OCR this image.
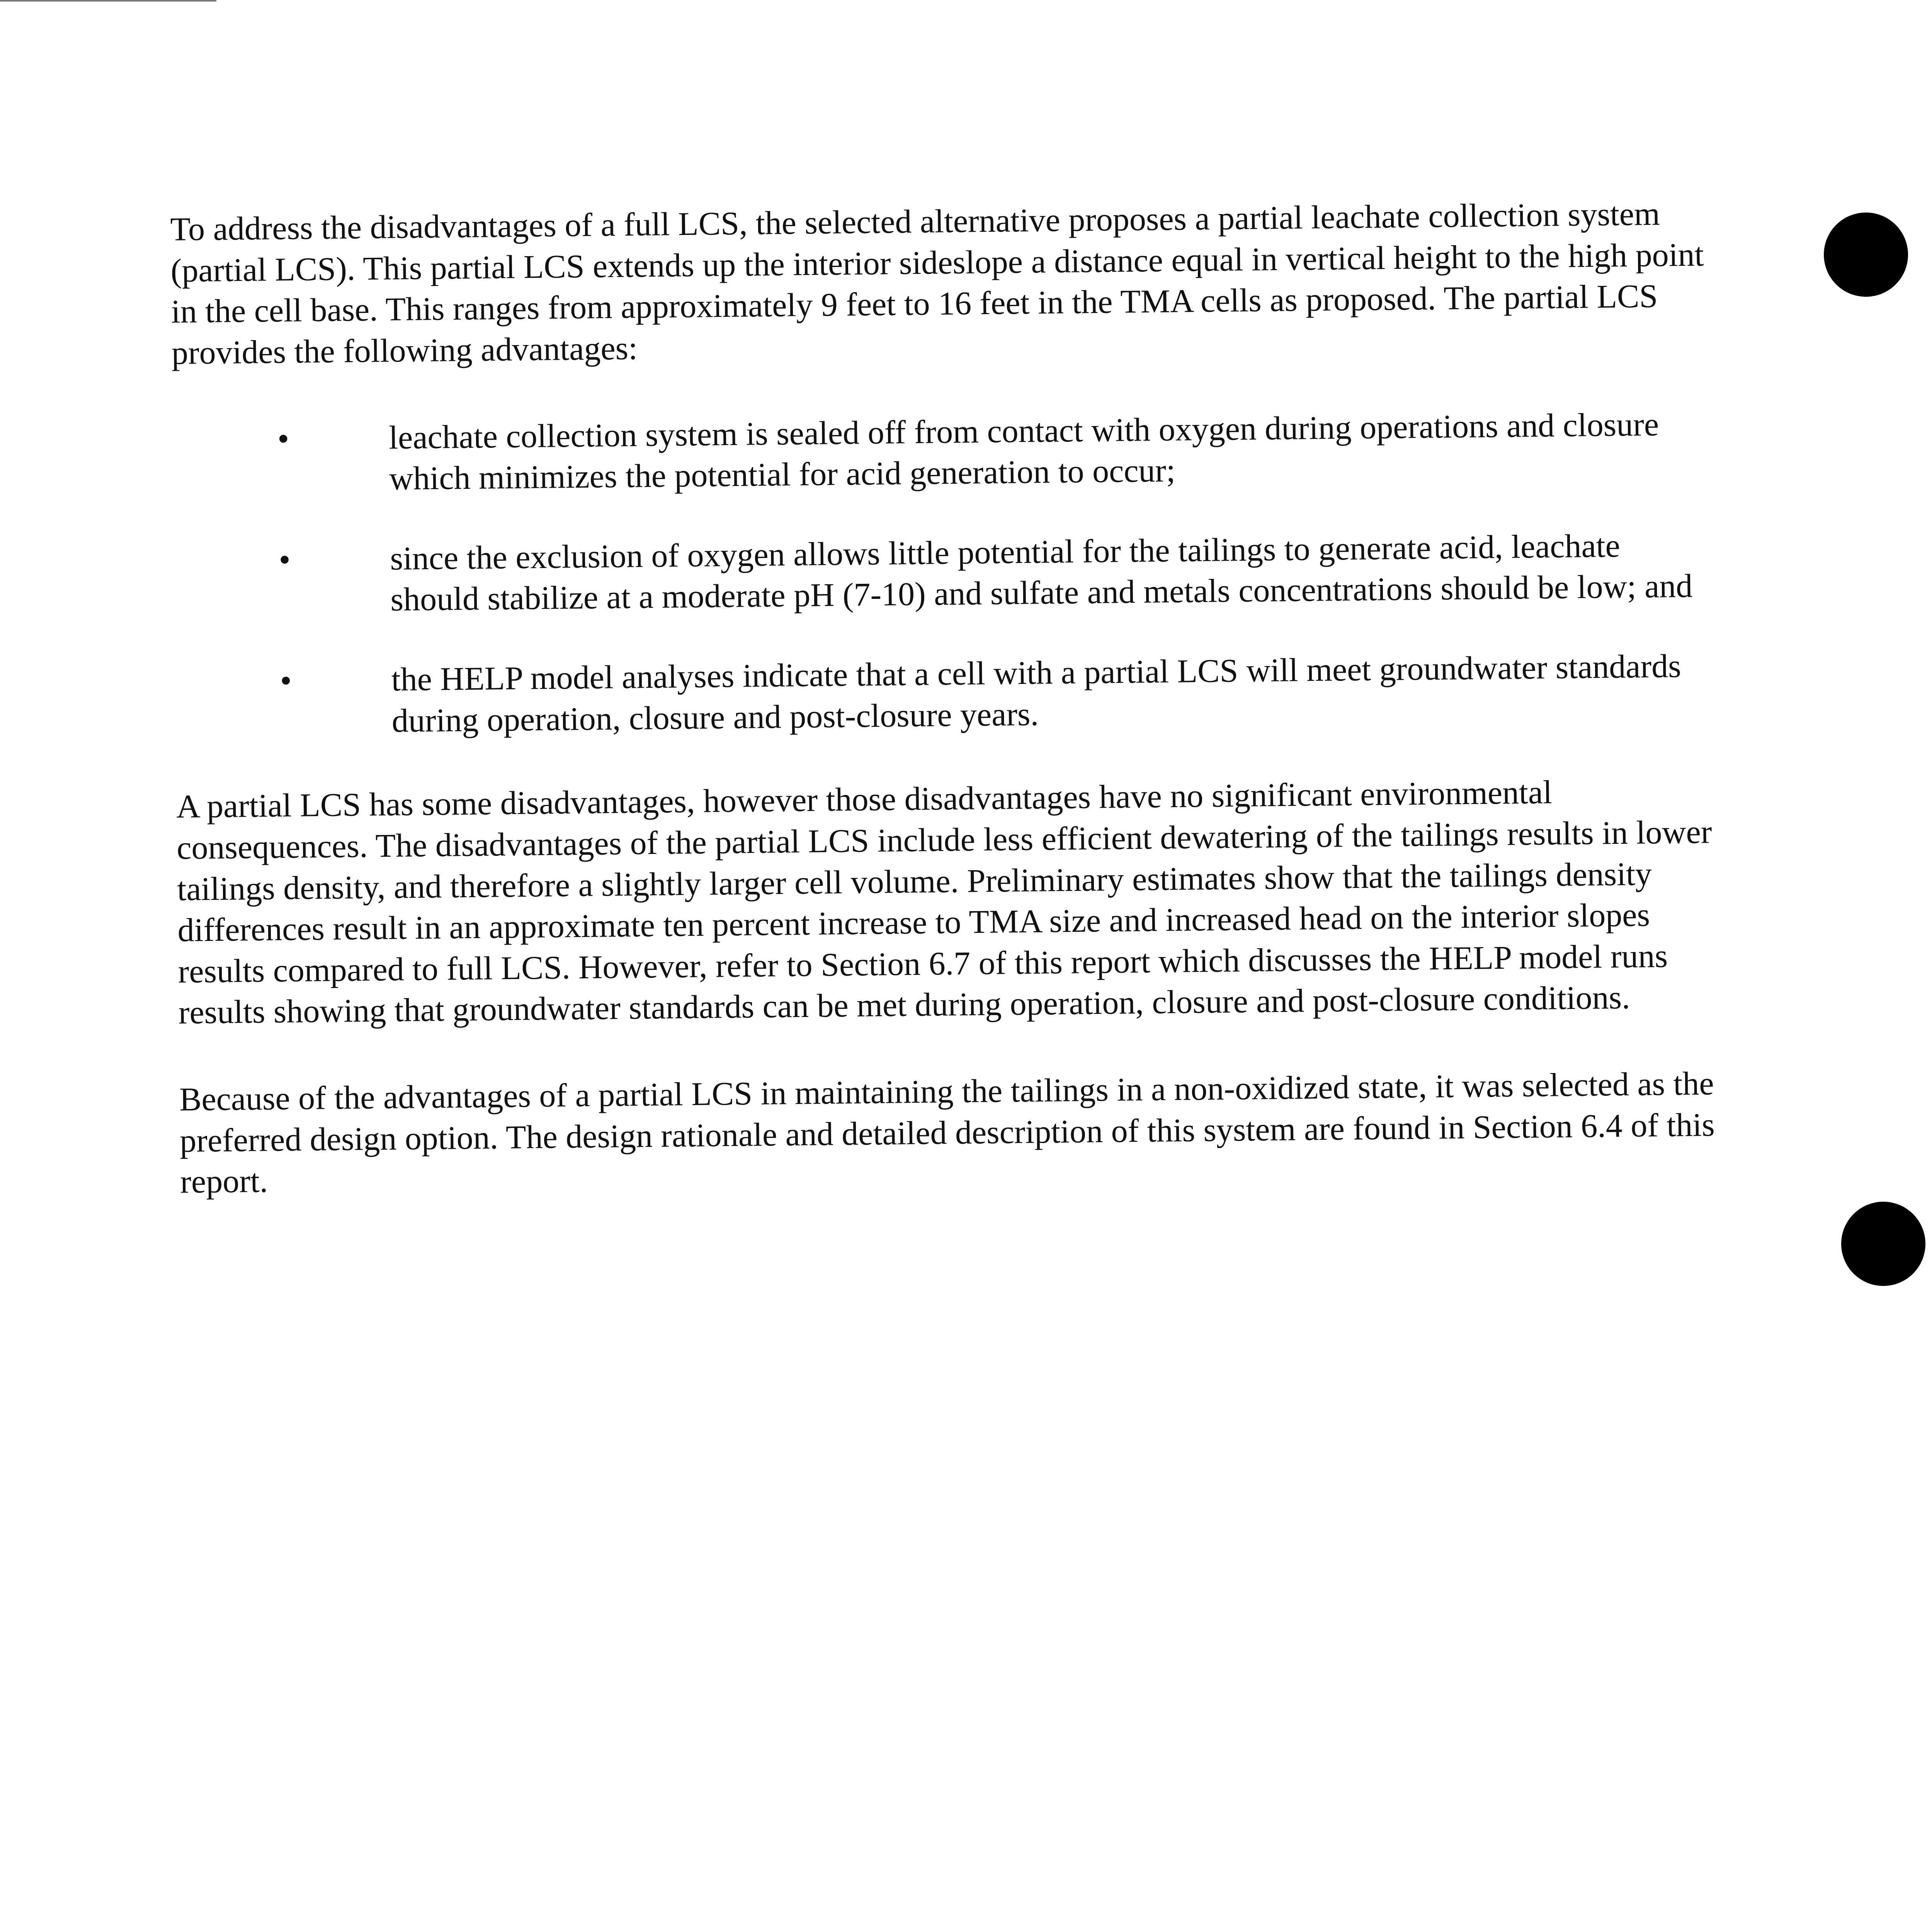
To address the disadvantages of a full LCS, the selected alternative proposes a partial leachate collection system (partial LCS). This partial LCS extends up the interior sideslope a distance equal in vertical height to the high point in the cell base. This ranges from approximately 9 feet to 16 feet in the TMA cells as proposed. The partial LCS provides the following advantages:

•	leachate collection system is sealed off from contact with oxygen during operations and closure which minimizes the potential for acid generation to occur;
•	since the exclusion of oxygen allows little potential for the tailings to generate acid, leachate should stabilize at a moderate pH (7-10) and sulfate and metals concentrations should be low; and
•	the HELP model analyses indicate that a cell with a partial LCS will meet groundwater standards during operation, closure and post-closure years.

A partial LCS has some disadvantages, however those disadvantages have no significant environmental consequences. The disadvantages of the partial LCS include less efficient dewatering of the tailings results in lower tailings density, and therefore a slightly larger cell volume. Preliminary estimates show that the tailings density differences result in an approximate ten percent increase to TMA size and increased head on the interior slopes results compared to full LCS. However, refer to Section 6.7 of this report which discusses the HELP model runs results showing that groundwater standards can be met during operation, closure and post-closure conditions.

Because of the advantages of a partial LCS in maintaining the tailings in a non-oxidized state, it was selected as the preferred design option. The design rationale and detailed description of this system are found in Section 6.4 of this report.
